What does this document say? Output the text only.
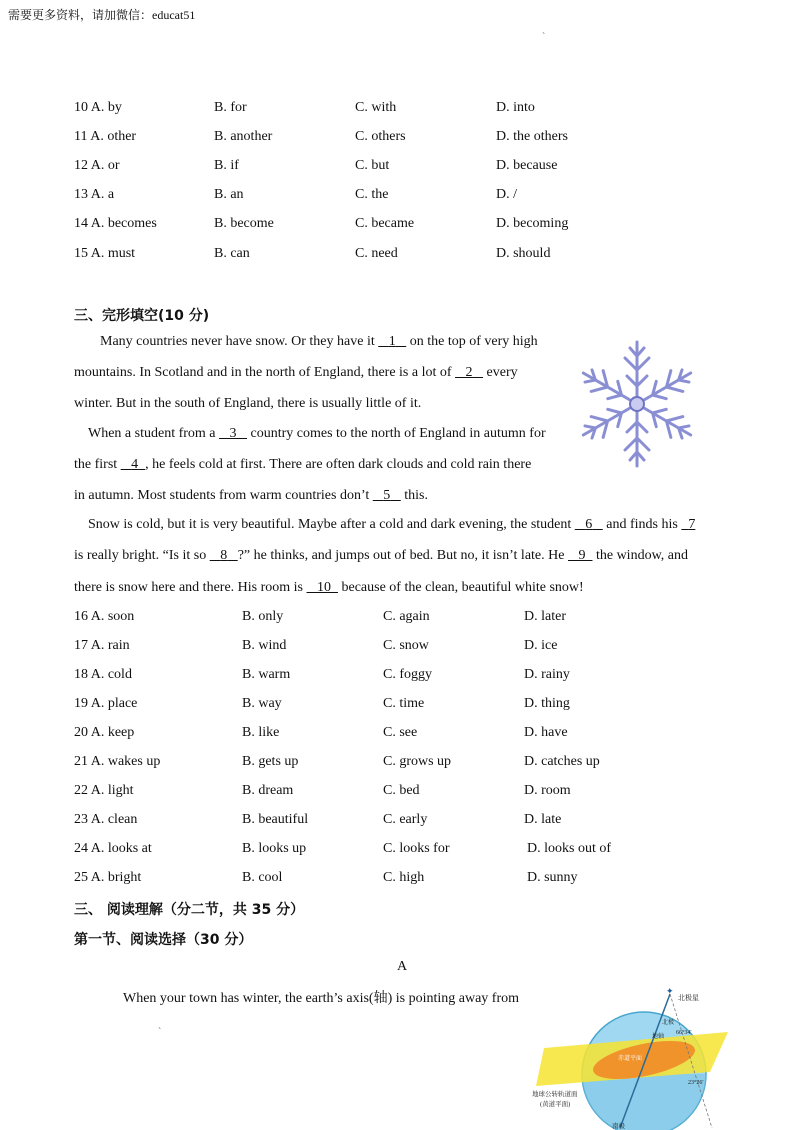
需要更多资料，请加微信：educat51
`
10 A. by	B. for	C. with	D. into
11 A. other	B. another	C. others	D. the others
12 A. or	B. if	C. but	D. because
13 A. a	B. an	C. the	D. /
14 A. becomes	B. become	C. became	D. becoming
15 A. must	B. can	C. need	D. should
三、完形填空(10 分)
Many countries never have snow. Or they have it    1    on the top of very high
mountains. In Scotland and in the north of England, there is a lot of    2    every
winter. But in the south of England, there is usually little of it.
When a student from a    3    country comes to the north of England in autumn for
the first    4 , he feels cold at first. There are often dark clouds and cold rain there
in autumn. Most students from warm countries don’t    5    this.
Snow is cold, but it is very beautiful. Maybe after a cold and dark evening, the student    6    and finds his   7
is really bright. “Is it so    8 ?” he thinks, and jumps out of bed. But no, it isn’t late. He    9   the window, and
there is snow here and there. His room is    10   because of the clean, beautiful white snow!
16 A. soon	B. only	C. again	D. later
17 A. rain	B. wind	C. snow	D. ice
18 A. cold	B. warm	C. foggy	D. rainy
19 A. place	B. way	C. time	D. thing
20 A. keep	B. like	C. see	D. have
21 A. wakes up	B. gets up	C. grows up	D. catches up
22 A. light	B. dream	C. bed	D. room
23 A. clean	B. beautiful	C. early	D. late
24 A. looks at	B. looks up	C. looks for	D. looks out of
25 A. bright	B. cool	C. high	D. sunny
三、 阅读理解（分二节，共 35 分）
第一节、阅读选择（30 分）
A
When your town has winter, the earth’s axis(轴) is pointing away from
`
✦
北极星
北极
地轴
66°34'
赤道平面
23°26'
地球公转轨道面
(黄道平面)
南极
